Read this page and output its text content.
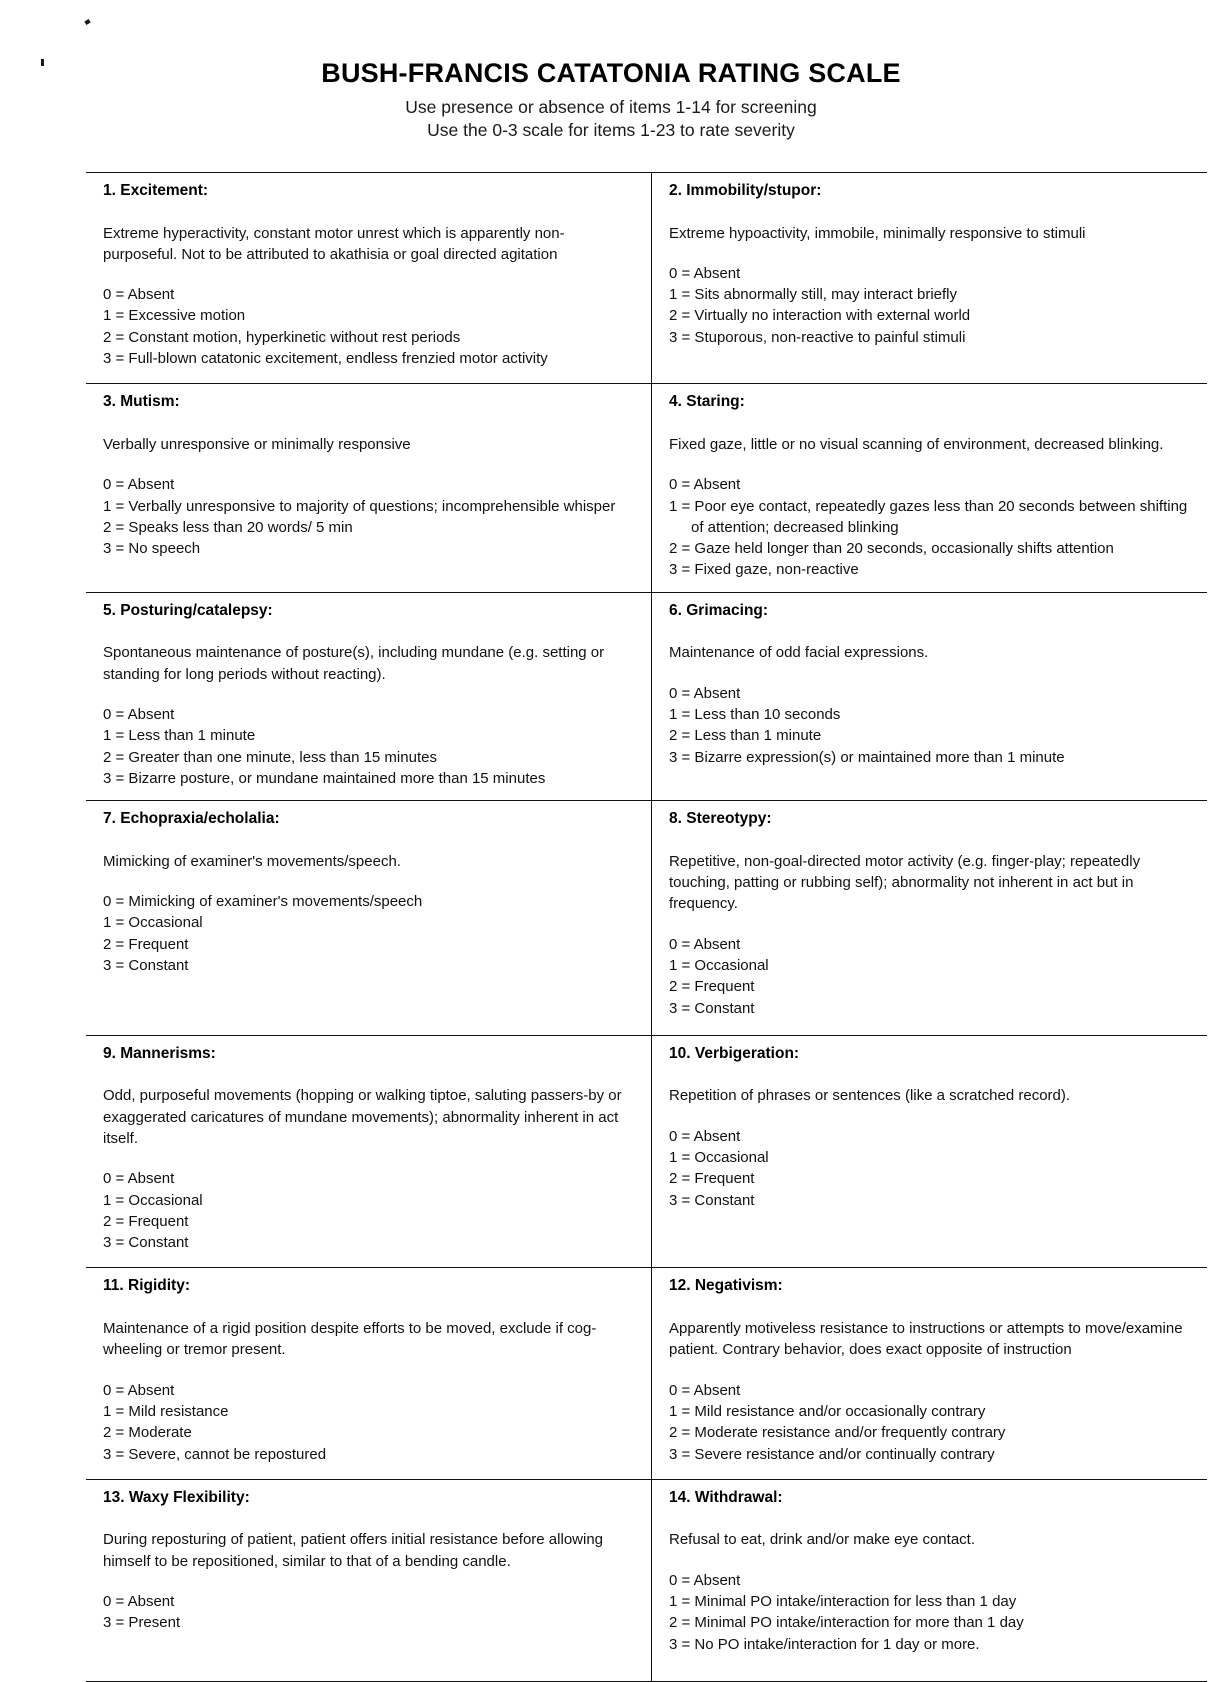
BUSH-FRANCIS CATATONIA RATING SCALE

Use presence or absence of items 1-14 for screening

Use the 0-3 scale for items 1-23 to rate severity

1. Excitement:

Extreme hyperactivity, constant motor unrest which is apparently non-purposeful. Not to be attributed to akathisia or goal directed agitation

0 = Absent
1 = Excessive motion
2 = Constant motion, hyperkinetic without rest periods
3 = Full-blown catatonic excitement, endless frenzied motor activity

2. Immobility/stupor:

Extreme hypoactivity, immobile, minimally responsive to stimuli

0 = Absent
1 = Sits abnormally still, may interact briefly
2 = Virtually no interaction with external world
3 = Stuporous, non-reactive to painful stimuli

3. Mutism:

Verbally unresponsive or minimally responsive

0 = Absent
1 = Verbally unresponsive to majority of questions; incomprehensible whisper
2 = Speaks less than 20 words/ 5 min
3 = No speech

4. Staring:

Fixed gaze, little or no visual scanning of environment, decreased blinking.

0 = Absent
1 = Poor eye contact, repeatedly gazes less than 20 seconds between shifting of attention; decreased blinking
2 = Gaze held longer than 20 seconds, occasionally shifts attention
3 = Fixed gaze, non-reactive

5. Posturing/catalepsy:

Spontaneous maintenance of posture(s), including mundane (e.g. setting or standing for long periods without reacting).

0 = Absent
1 = Less than 1 minute
2 = Greater than one minute, less than 15 minutes
3 = Bizarre posture, or mundane maintained more than 15 minutes

6. Grimacing:

Maintenance of odd facial expressions.

0 = Absent
1 = Less than 10 seconds
2 = Less than 1 minute
3 = Bizarre expression(s) or maintained more than 1 minute

7. Echopraxia/echolalia:

Mimicking of examiner's movements/speech.

0 = Mimicking of examiner's movements/speech
1 = Occasional
2 = Frequent
3 = Constant

8. Stereotypy:

Repetitive, non-goal-directed motor activity (e.g. finger-play; repeatedly touching, patting or rubbing self); abnormality not inherent in act but in frequency.

0 = Absent
1 = Occasional
2 = Frequent
3 = Constant

9. Mannerisms:

Odd, purposeful movements (hopping or walking tiptoe, saluting passers-by or exaggerated caricatures of mundane movements); abnormality inherent in act itself.

0 = Absent
1 = Occasional
2 = Frequent
3 = Constant

10. Verbigeration:

Repetition of phrases or sentences (like a scratched record).

0 = Absent
1 = Occasional
2 = Frequent
3 = Constant

11. Rigidity:

Maintenance of a rigid position despite efforts to be moved, exclude if cog-wheeling or tremor present.

0 = Absent
1 = Mild resistance
2 = Moderate
3 = Severe, cannot be repostured

12. Negativism:

Apparently motiveless resistance to instructions or attempts to move/examine patient. Contrary behavior, does exact opposite of instruction

0 = Absent
1 = Mild resistance and/or occasionally contrary
2 = Moderate resistance and/or frequently contrary
3 = Severe resistance and/or continually contrary

13. Waxy Flexibility:

During reposturing of patient, patient offers initial resistance before allowing himself to be repositioned, similar to that of a bending candle.

0 = Absent
3 = Present

14. Withdrawal:

Refusal to eat, drink and/or make eye contact.

0 = Absent
1 = Minimal PO intake/interaction for less than 1 day
2 = Minimal PO intake/interaction for more than 1 day
3 = No PO intake/interaction for 1 day or more.
